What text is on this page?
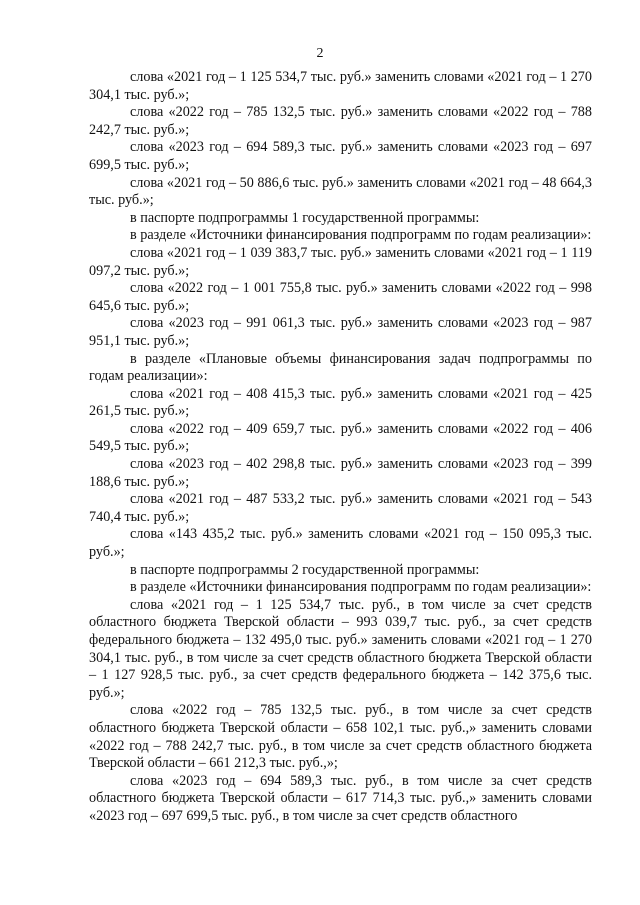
2

слова «2021 год – 1 125 534,7 тыс. руб.» заменить словами «2021 год – 1 270 304,1 тыс. руб.»;

слова «2022 год – 785 132,5 тыс. руб.» заменить словами «2022 год – 788 242,7 тыс. руб.»;

слова «2023 год – 694 589,3 тыс. руб.» заменить словами «2023 год – 697 699,5 тыс. руб.»;

слова «2021 год – 50 886,6 тыс. руб.» заменить словами «2021 год – 48 664,3 тыс. руб.»;

в паспорте подпрограммы 1 государственной программы:

в разделе «Источники финансирования подпрограмм по годам реализации»:

слова «2021 год – 1 039 383,7 тыс. руб.» заменить словами «2021 год – 1 119 097,2 тыс. руб.»;

слова «2022 год – 1 001 755,8 тыс. руб.» заменить словами «2022 год – 998 645,6 тыс. руб.»;

слова «2023 год – 991 061,3 тыс. руб.» заменить словами «2023 год – 987 951,1 тыс. руб.»;

в разделе «Плановые объемы финансирования задач подпрограммы по годам реализации»:

слова «2021 год – 408 415,3 тыс. руб.» заменить словами «2021 год – 425 261,5 тыс. руб.»;

слова «2022 год – 409 659,7 тыс. руб.» заменить словами «2022 год – 406 549,5 тыс. руб.»;

слова «2023 год – 402 298,8 тыс. руб.» заменить словами «2023 год – 399 188,6 тыс. руб.»;

слова «2021 год – 487 533,2 тыс. руб.» заменить словами «2021 год – 543 740,4 тыс. руб.»;

слова «143 435,2 тыс. руб.» заменить словами «2021 год – 150 095,3 тыс. руб.»;

в паспорте подпрограммы 2 государственной программы:

в разделе «Источники финансирования подпрограмм по годам реализации»:

слова «2021 год – 1 125 534,7 тыс. руб., в том числе за счет средств областного бюджета Тверской области – 993 039,7 тыс. руб., за счет средств федерального бюджета – 132 495,0 тыс. руб.» заменить словами «2021 год – 1 270 304,1 тыс. руб., в том числе за счет средств областного бюджета Тверской области – 1 127 928,5 тыс. руб., за счет средств федерального бюджета – 142 375,6 тыс. руб.»;

слова «2022 год – 785 132,5 тыс. руб., в том числе за счет средств областного бюджета Тверской области – 658 102,1 тыс. руб.,» заменить словами «2022 год – 788 242,7 тыс. руб., в том числе за счет средств областного бюджета Тверской области – 661 212,3 тыс. руб.,»;

слова «2023 год – 694 589,3 тыс. руб., в том числе за счет средств областного бюджета Тверской области – 617 714,3 тыс. руб.,» заменить словами «2023 год – 697 699,5 тыс. руб., в том числе за счет средств областного
